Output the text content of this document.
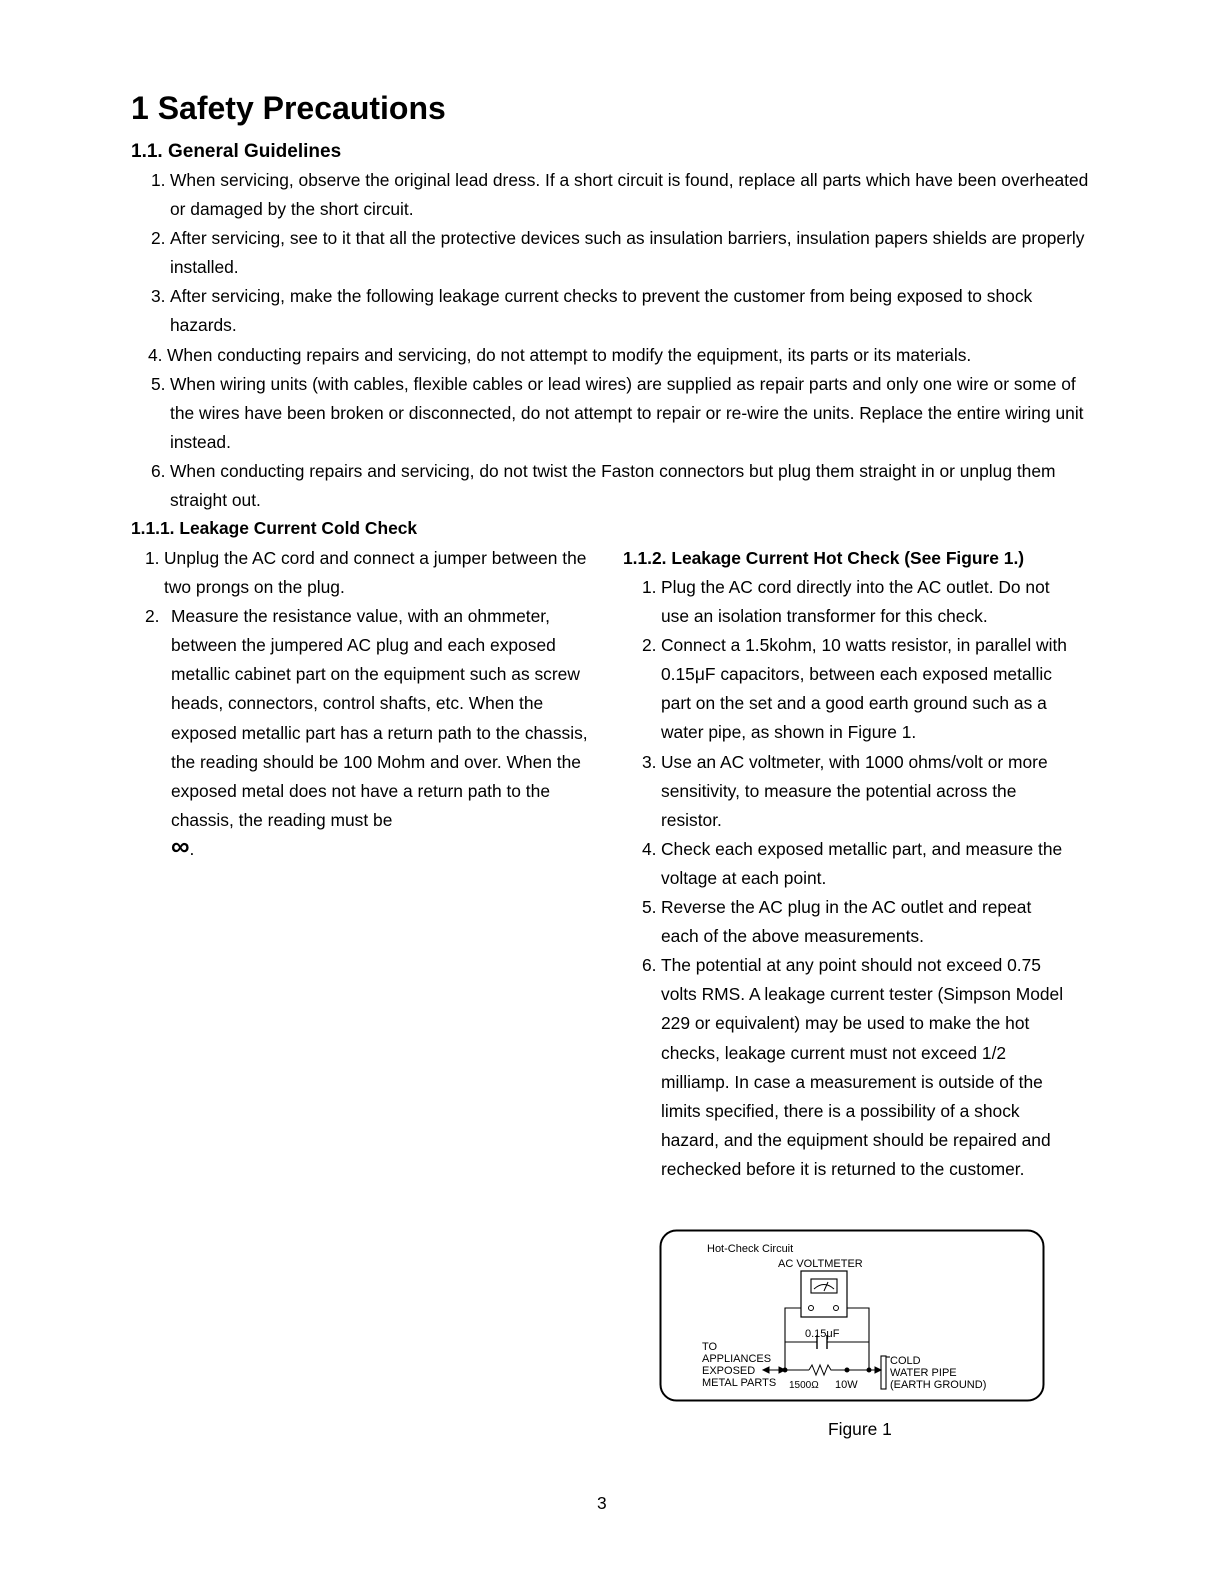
1 Safety Precautions
1.1. General Guidelines
1. When servicing, observe the original lead dress. If a short circuit is found, replace all parts which have been overheated or damaged by the short circuit.
2. After servicing, see to it that all the protective devices such as insulation barriers, insulation papers shields are properly installed.
3. After servicing, make the following leakage current checks to prevent the customer from being exposed to shock hazards.
4. When conducting repairs and servicing, do not attempt to modify the equipment, its parts or its materials.
5. When wiring units (with cables, flexible cables or lead wires) are supplied as repair parts and only one wire or some of the wires have been broken or disconnected, do not attempt to repair or re-wire the units. Replace the entire wiring unit instead.
6. When conducting repairs and servicing, do not twist the Faston connectors but plug them straight in or unplug them straight out.
1.1.1. Leakage Current Cold Check
1. Unplug the AC cord and connect a jumper between the two prongs on the plug.
2. Measure the resistance value, with an ohmmeter, between the jumpered AC plug and each exposed metallic cabinet part on the equipment such as screw heads, connectors, control shafts, etc. When the exposed metallic part has a return path to the chassis, the reading should be 100 Mohm and over. When the exposed metal does not have a return path to the chassis, the reading must be
∞.
1.1.2. Leakage Current Hot Check (See Figure 1.)
1. Plug the AC cord directly into the AC outlet. Do not use an isolation transformer for this check.
2. Connect a 1.5kohm, 10 watts resistor, in parallel with 0.15μF capacitors, between each exposed metallic part on the set and a good earth ground such as a water pipe, as shown in Figure 1.
3. Use an AC voltmeter, with 1000 ohms/volt or more sensitivity, to measure the potential across the resistor.
4. Check each exposed metallic part, and measure the voltage at each point.
5. Reverse the AC plug in the AC outlet and repeat each of the above measurements.
6. The potential at any point should not exceed 0.75 volts RMS. A leakage current tester (Simpson Model 229 or equivalent) may be used to make the hot checks, leakage current must not exceed 1/2 milliamp. In case a measurement is outside of the limits specified, there is a possibility of a shock hazard, and the equipment should be repaired and rechecked before it is returned to the customer.
Hot-Check Circuit
AC VOLTMETER
0.15μF
TO APPLIANCES EXPOSED METAL PARTS 1500Ω 10W
COLD WATER PIPE (EARTH GROUND)
Figure 1
3
